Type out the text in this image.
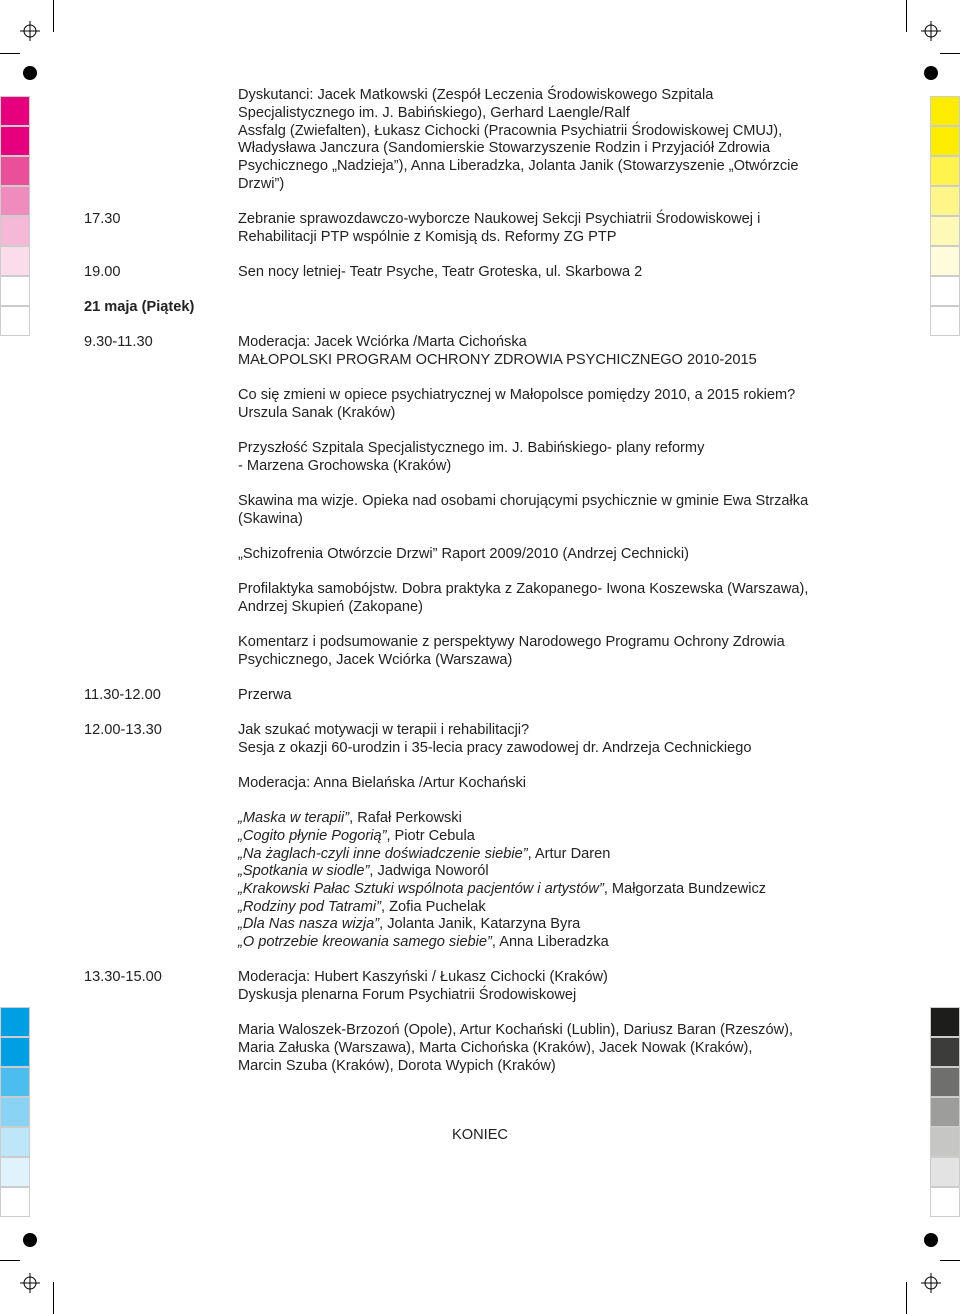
Dyskutanci: Jacek Matkowski (Zespół Leczenia Środowiskowego Szpitala
Specjalistycznego im. J. Babińskiego), Gerhard Laengle/Ralf
Assfalg (Zwiefalten), Łukasz Cichocki (Pracownia Psychiatrii Środowiskowej CMUJ),
Władysława Janczura (Sandomierskie Stowarzyszenie Rodzin i Przyjaciół Zdrowia
Psychicznego „Nadzieja”), Anna Liberadzka, Jolanta Janik (Stowarzyszenie „Otwórzcie
Drzwi”)
17.30	Zebranie sprawozdawczo-wyborcze Naukowej Sekcji Psychiatrii Środowiskowej i
Rehabilitacji PTP wspólnie z Komisją ds. Reformy ZG PTP
19.00	Sen nocy letniej- Teatr Psyche, Teatr Groteska, ul. Skarbowa 2
21 maja (Piątek)
9.30-11.30	Moderacja: Jacek Wciórka /Marta Cichońska
MAŁOPOLSKI PROGRAM OCHRONY ZDROWIA PSYCHICZNEGO 2010-2015
Co się zmieni w opiece psychiatrycznej w Małopolsce pomiędzy 2010, a 2015 rokiem?
Urszula Sanak (Kraków)
Przyszłość Szpitala Specjalistycznego im. J. Babińskiego- plany reformy
- Marzena Grochowska (Kraków)
Skawina ma wizje. Opieka nad osobami chorującymi psychicznie w gminie Ewa Strzałka
(Skawina)
„Schizofrenia Otwórzcie Drzwi” Raport 2009/2010 (Andrzej Cechnicki)
Profilaktyka samobójstw. Dobra praktyka z Zakopanego- Iwona Koszewska (Warszawa),
Andrzej Skupień (Zakopane)
Komentarz i podsumowanie z perspektywy Narodowego Programu Ochrony Zdrowia
Psychicznego, Jacek Wciórka (Warszawa)
11.30-12.00	Przerwa
12.00-13.30	Jak szukać motywacji w terapii i rehabilitacji?
Sesja z okazji 60-urodzin i 35-lecia pracy zawodowej dr. Andrzeja Cechnickiego
Moderacja: Anna Bielańska /Artur Kochański
„Maska w terapii”, Rafał Perkowski
„Cogito płynie Pogorią”, Piotr Cebula
„Na żaglach-czyli inne doświadczenie siebie”, Artur Daren
„Spotkania w siodle”, Jadwiga Noworól
„Krakowski Pałac Sztuki wspólnota pacjentów i artystów”, Małgorzata Bundzewicz
„Rodziny pod Tatrami”, Zofia Puchelak
„Dla Nas nasza wizja”, Jolanta Janik, Katarzyna Byra
„O potrzebie kreowania samego siebie”, Anna Liberadzka
13.30-15.00	Moderacja: Hubert Kaszyński / Łukasz Cichocki (Kraków)
Dyskusja plenarna Forum Psychiatrii Środowiskowej
Maria Waloszek-Brzozoń (Opole), Artur Kochański (Lublin), Dariusz Baran (Rzeszów),
Maria Załuska (Warszawa), Marta Cichońska (Kraków), Jacek Nowak (Kraków),
Marcin Szuba (Kraków), Dorota Wypich (Kraków)
KONIEC
